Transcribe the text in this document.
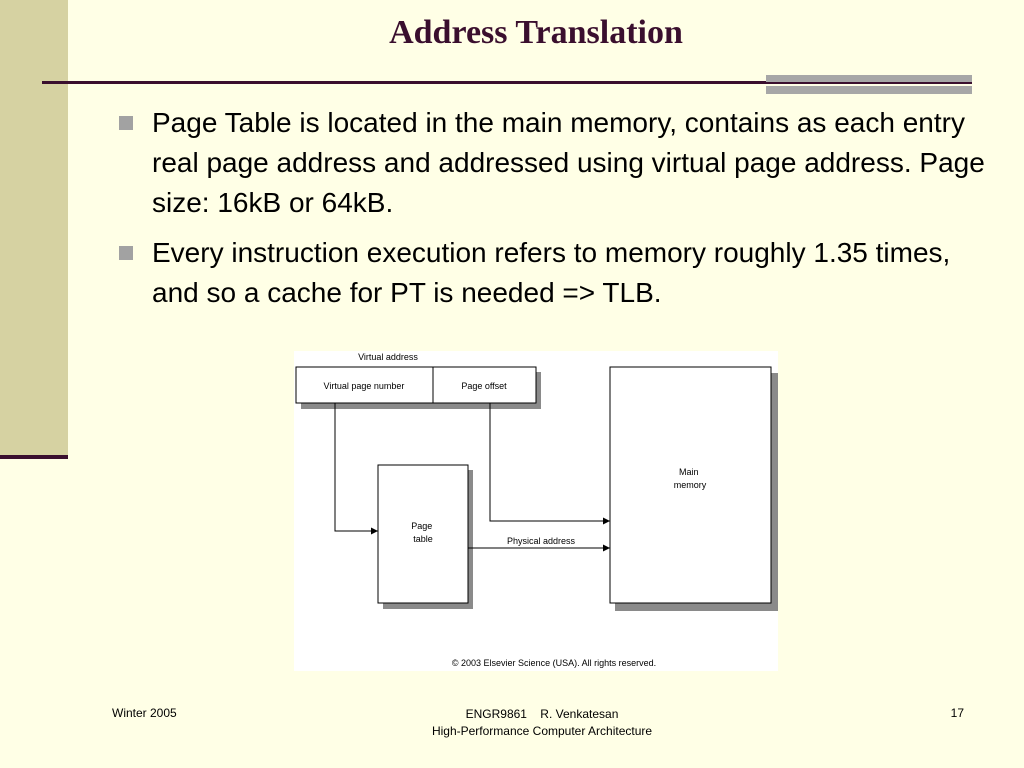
Address Translation
Page Table is located in the main memory, contains as each entry real page address and addressed using virtual page address. Page size: 16kB or 64kB.
Every instruction execution refers to memory roughly 1.35 times, and so a cache for PT is needed => TLB.
Virtual address
Virtual page number	Page offset
Page table
Main memory
Physical address
© 2003 Elsevier Science (USA). All rights reserved.
Winter 2005	ENGR9861    R. Venkatesan
High-Performance Computer Architecture
17
